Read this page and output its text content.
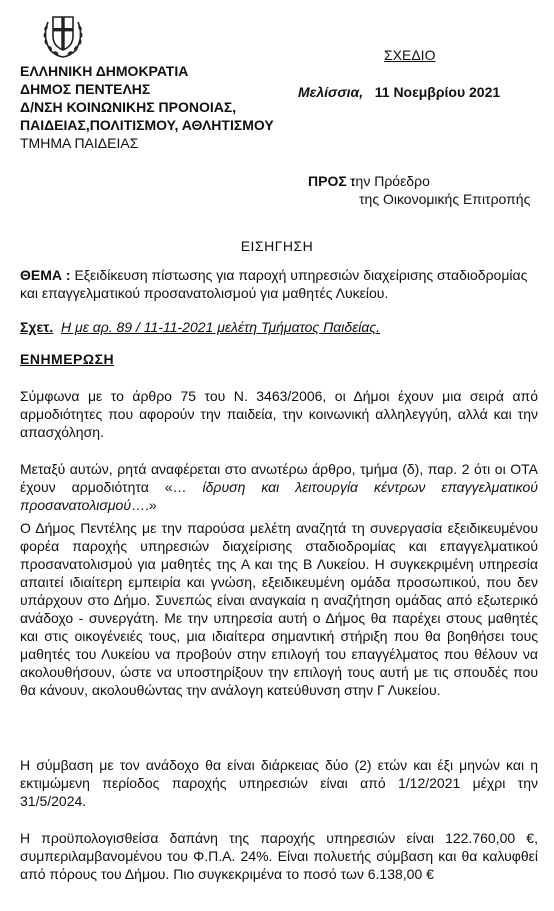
ΕΛΛΗΝΙΚΗ ΔΗΜΟΚΡΑΤΙΑ
ΔΗΜΟΣ ΠΕΝΤΕΛΗΣ
Δ/ΝΣΗ ΚΟΙΝΩΝΙΚΗΣ ΠΡΟΝΟΙΑΣ,
ΠΑΙΔΕΙΑΣ,ΠΟΛΙΤΙΣΜΟΥ, ΑΘΛΗΤΙΣΜΟΥ
ΤΜΗΜΑ ΠΑΙΔΕΙΑΣ
ΣΧΕΔΙΟ
Μελίσσια, 11 Νοεμβρίου 2021
ΠΡΟΣ :
την Πρόεδρο
της Οικονομικής Επιτροπής
ΕΙΣΗΓΗΣΗ
ΘΕΜΑ : Εξειδίκευση πίστωσης για παροχή υπηρεσιών διαχείρισης σταδιοδρομίας και επαγγελματικού προσανατολισμού για μαθητές Λυκείου.
Σχετ. Η με αρ. 89 / 11-11-2021 μελέτη Τμήματος Παιδείας.
ΕΝΗΜΕΡΩΣΗ
Σύμφωνα με το άρθρο 75 του Ν. 3463/2006, οι Δήμοι έχουν μια σειρά από αρμοδιότητες που αφορούν την παιδεία, την κοινωνική αλληλεγγύη, αλλά και την απασχόληση.
Μεταξύ αυτών, ρητά αναφέρεται στο ανωτέρω άρθρο, τμήμα (δ), παρ. 2 ότι οι ΟΤΑ έχουν αρμοδιότητα «… ίδρυση και λειτουργία κέντρων επαγγελματικού προσανατολισμού….»
Ο Δήμος Πεντέλης με την παρούσα μελέτη αναζητά τη συνεργασία εξειδικευμένου φορέα παροχής υπηρεσιών διαχείρισης σταδιοδρομίας και επαγγελματικού προσανατολισμού για μαθητές της Α και της Β Λυκείου. Η συγκεκριμένη υπηρεσία απαιτεί ιδιαίτερη εμπειρία και γνώση, εξειδικευμένη ομάδα προσωπικού, που δεν υπάρχουν στο Δήμο. Συνεπώς είναι αναγκαία η αναζήτηση ομάδας από εξωτερικό ανάδοχο - συνεργάτη. Με την υπηρεσία αυτή ο Δήμος θα παρέχει στους μαθητές και στις οικογένειές τους, μια ιδιαίτερα σημαντική στήριξη που θα βοηθήσει τους μαθητές του Λυκείου να προβούν στην επιλογή του επαγγέλματος που θέλουν να ακολουθήσουν, ώστε να υποστηρίξουν την επιλογή τους αυτή με τις σπουδές που θα κάνουν, ακολουθώντας την ανάλογη κατεύθυνση στην Γ Λυκείου.
Η σύμβαση με τον ανάδοχο θα είναι διάρκειας δύο (2) ετών και έξι μηνών και η εκτιμώμενη περίοδος παροχής υπηρεσιών είναι από 1/12/2021 μέχρι την 31/5/2024.
Η προϋπολογισθείσα δαπάνη της παροχής υπηρεσιών είναι 122.760,00 €, συμπεριλαμβανομένου του Φ.Π.Α. 24%. Είναι πολυετής σύμβαση και θα καλυφθεί από πόρους του Δήμου. Πιο συγκεκριμένα το ποσό των 6.138,00 €
